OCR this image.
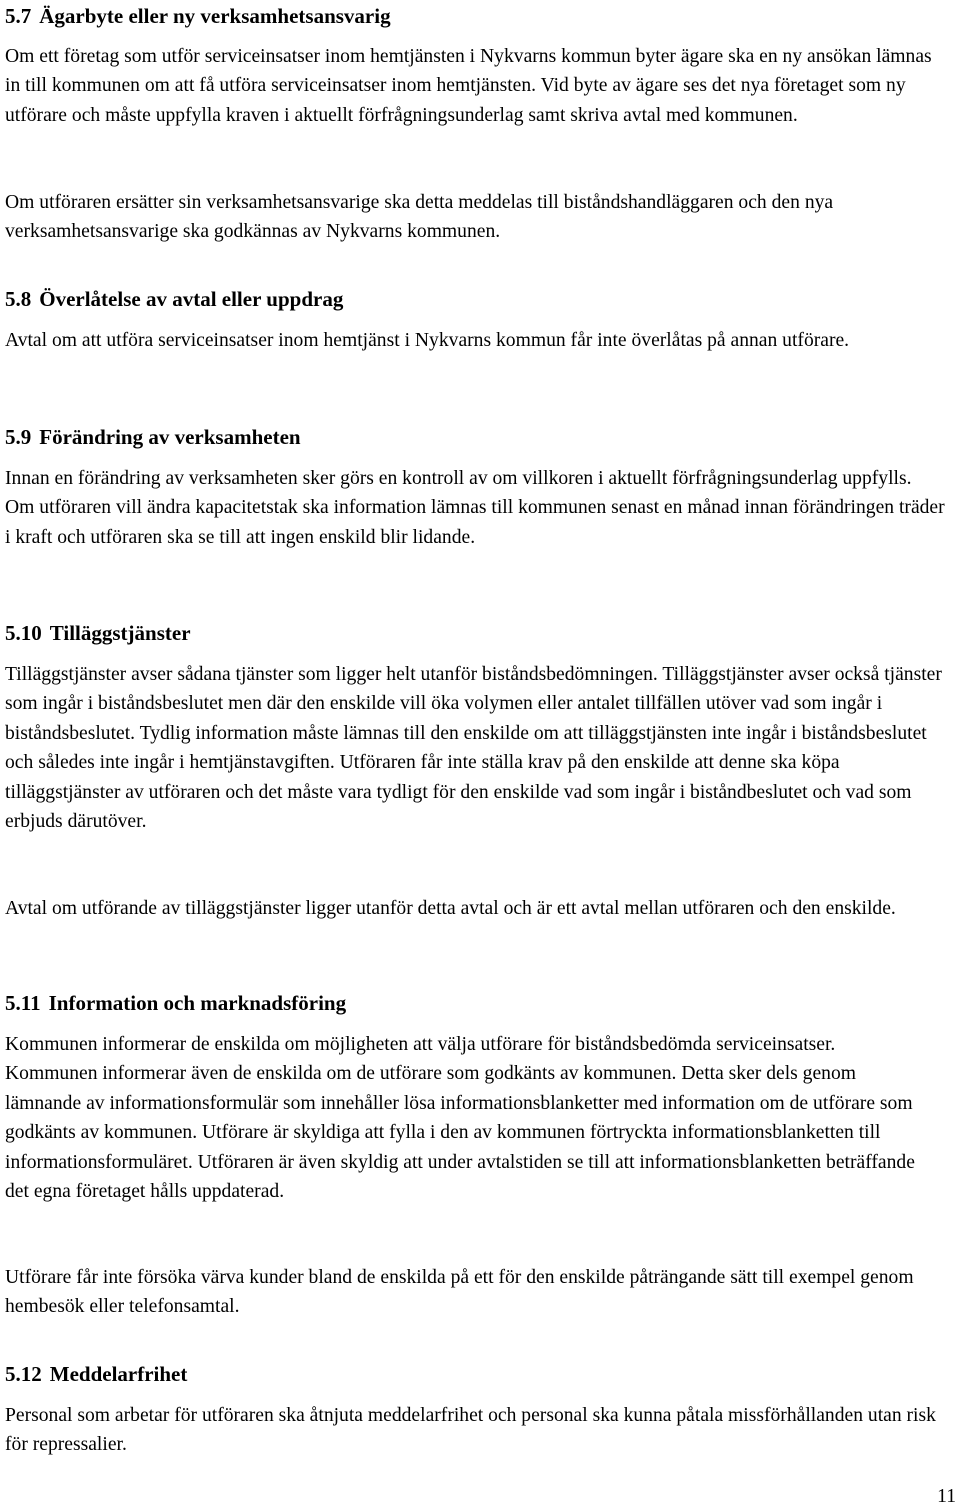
5.7 Ägarbyte eller ny verksamhetsansvarig

Om ett företag som utför serviceinsatser inom hemtjänsten i Nykvarns kommun byter ägare ska en ny ansökan lämnas in till kommunen om att få utföra serviceinsatser inom hemtjänsten. Vid byte av ägare ses det nya företaget som ny utförare och måste uppfylla kraven i aktuellt förfrågningsunderlag samt skriva avtal med kommunen.

Om utföraren ersätter sin verksamhetsansvarige ska detta meddelas till biståndshandläggaren och den nya verksamhetsansvarige ska godkännas av Nykvarns kommunen.

5.8 Överlåtelse av avtal eller uppdrag

Avtal om att utföra serviceinsatser inom hemtjänst i Nykvarns kommun får inte överlåtas på annan utförare.

5.9 Förändring av verksamheten

Innan en förändring av verksamheten sker görs en kontroll av om villkoren i aktuellt förfrågningsunderlag uppfylls. Om utföraren vill ändra kapacitetstak ska information lämnas till kommunen senast en månad innan förändringen träder i kraft och utföraren ska se till att ingen enskild blir lidande.

5.10 Tilläggstjänster

Tilläggstjänster avser sådana tjänster som ligger helt utanför biståndsbedömningen. Tilläggstjänster avser också tjänster som ingår i biståndsbeslutet men där den enskilde vill öka volymen eller antalet tillfällen utöver vad som ingår i biståndsbeslutet. Tydlig information måste lämnas till den enskilde om att tilläggstjänsten inte ingår i biståndsbeslutet och således inte ingår i hemtjänstavgiften. Utföraren får inte ställa krav på den enskilde att denne ska köpa tilläggstjänster av utföraren och det måste vara tydligt för den enskilde vad som ingår i biståndbeslutet och vad som erbjuds därutöver.

Avtal om utförande av tilläggstjänster ligger utanför detta avtal och är ett avtal mellan utföraren och den enskilde.

5.11 Information och marknadsföring

Kommunen informerar de enskilda om möjligheten att välja utförare för biståndsbedömda serviceinsatser. Kommunen informerar även de enskilda om de utförare som godkänts av kommunen. Detta sker dels genom lämnande av informationsformulär som innehåller lösa informationsblanketter med information om de utförare som godkänts av kommunen. Utförare är skyldiga att fylla i den av kommunen förtryckta informationsblanketten till informationsformuläret. Utföraren är även skyldig att under avtalstiden se till att informationsblanketten beträffande det egna företaget hålls uppdaterad.

Utförare får inte försöka värva kunder bland de enskilda på ett för den enskilde påträngande sätt till exempel genom hembesök eller telefonsamtal.

5.12 Meddelarfrihet

Personal som arbetar för utföraren ska åtnjuta meddelarfrihet och personal ska kunna påtala missförhållanden utan risk för repressalier.

11
